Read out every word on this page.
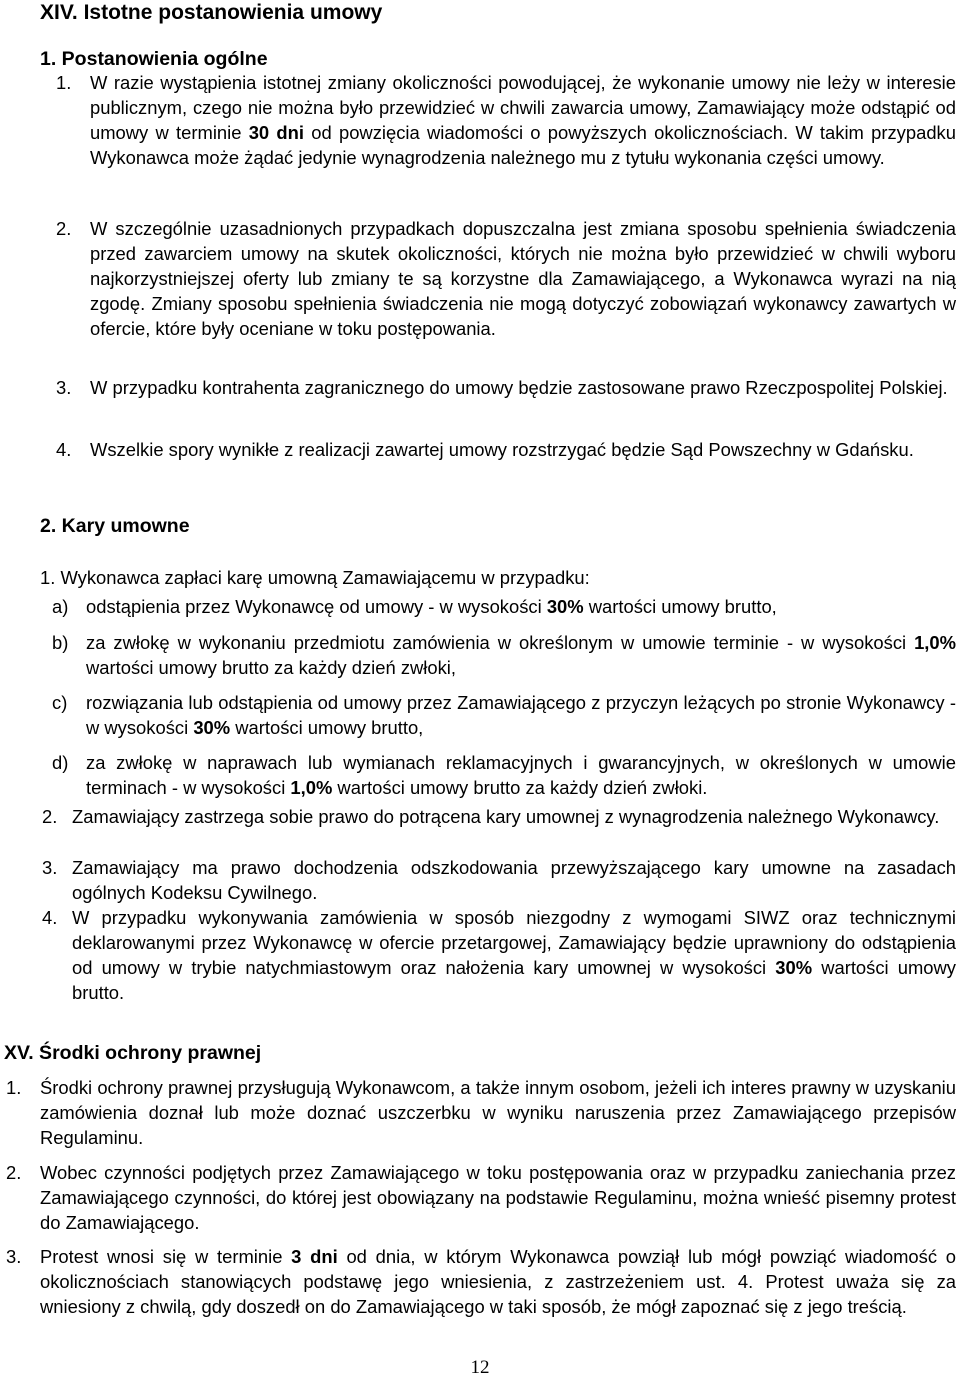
XIV. Istotne postanowienia umowy
1. Postanowienia ogólne
1.	W razie wystąpienia istotnej zmiany okoliczności powodującej, że wykonanie umowy nie leży w interesie publicznym, czego nie można było przewidzieć w chwili zawarcia umowy, Zamawiający może odstąpić od umowy w terminie 30 dni od powzięcia wiadomości o powyższych okolicznościach. W takim przypadku Wykonawca może żądać jedynie wynagrodzenia należnego mu z tytułu wykonania części umowy.
2.	W szczególnie uzasadnionych przypadkach dopuszczalna jest zmiana sposobu spełnienia świadczenia przed zawarciem umowy na skutek okoliczności, których nie można było przewidzieć w chwili wyboru najkorzystniejszej oferty lub zmiany te są korzystne dla Zamawiającego, a Wykonawca wyrazi na nią zgodę. Zmiany sposobu spełnienia świadczenia nie mogą dotyczyć zobowiązań wykonawcy zawartych w ofercie, które były oceniane w toku postępowania.
3.	W przypadku kontrahenta zagranicznego do umowy będzie zastosowane prawo Rzeczpospolitej Polskiej.
4.	Wszelkie spory wynikłe z realizacji zawartej umowy rozstrzygać będzie Sąd Powszechny w Gdańsku.
2. Kary umowne
1. Wykonawca zapłaci karę umowną Zamawiającemu w przypadku:
a) odstąpienia przez Wykonawcę od umowy - w wysokości 30% wartości umowy brutto,
b) za zwłokę w wykonaniu przedmiotu zamówienia w określonym w umowie terminie - w wysokości 1,0% wartości umowy brutto za każdy dzień zwłoki,
c)	rozwiązania lub odstąpienia od umowy przez Zamawiającego z przyczyn leżących po stronie Wykonawcy - w wysokości 30% wartości umowy brutto,
d) za zwłokę w naprawach lub wymianach reklamacyjnych i gwarancyjnych, w określonych w umowie terminach - w wysokości 1,0% wartości umowy brutto za każdy dzień zwłoki.
2. Zamawiający zastrzega sobie prawo do potrącena kary umownej z wynagrodzenia należnego Wykonawcy.
3. Zamawiający ma prawo dochodzenia odszkodowania przewyższającego kary umowne na zasadach ogólnych Kodeksu Cywilnego.
4. W przypadku wykonywania zamówienia w sposób niezgodny z wymogami SIWZ oraz technicznymi deklarowanymi przez Wykonawcę w ofercie przetargowej, Zamawiający będzie uprawniony do odstąpienia od umowy w trybie natychmiastowym oraz nałożenia kary umownej w wysokości 30% wartości umowy brutto.
XV. Środki ochrony prawnej
1.	Środki ochrony prawnej przysługują Wykonawcom, a także innym osobom, jeżeli ich interes prawny w uzyskaniu zamówienia doznał lub może doznać uszczerbku w wyniku naruszenia przez Zamawiającego przepisów Regulaminu.
2.	Wobec czynności podjętych przez Zamawiającego w toku postępowania oraz w przypadku zaniechania przez Zamawiającego czynności, do której jest obowiązany na podstawie Regulaminu, można wnieść pisemny protest do Zamawiającego.
3.	Protest wnosi się w terminie 3 dni od dnia, w którym Wykonawca powziął lub mógł powziąć wiadomość o okolicznościach stanowiących podstawę jego wniesienia, z zastrzeżeniem ust. 4. Protest uważa się za wniesiony z chwilą, gdy doszedł on do Zamawiającego w taki sposób, że mógł zapoznać się z jego treścią.
12
